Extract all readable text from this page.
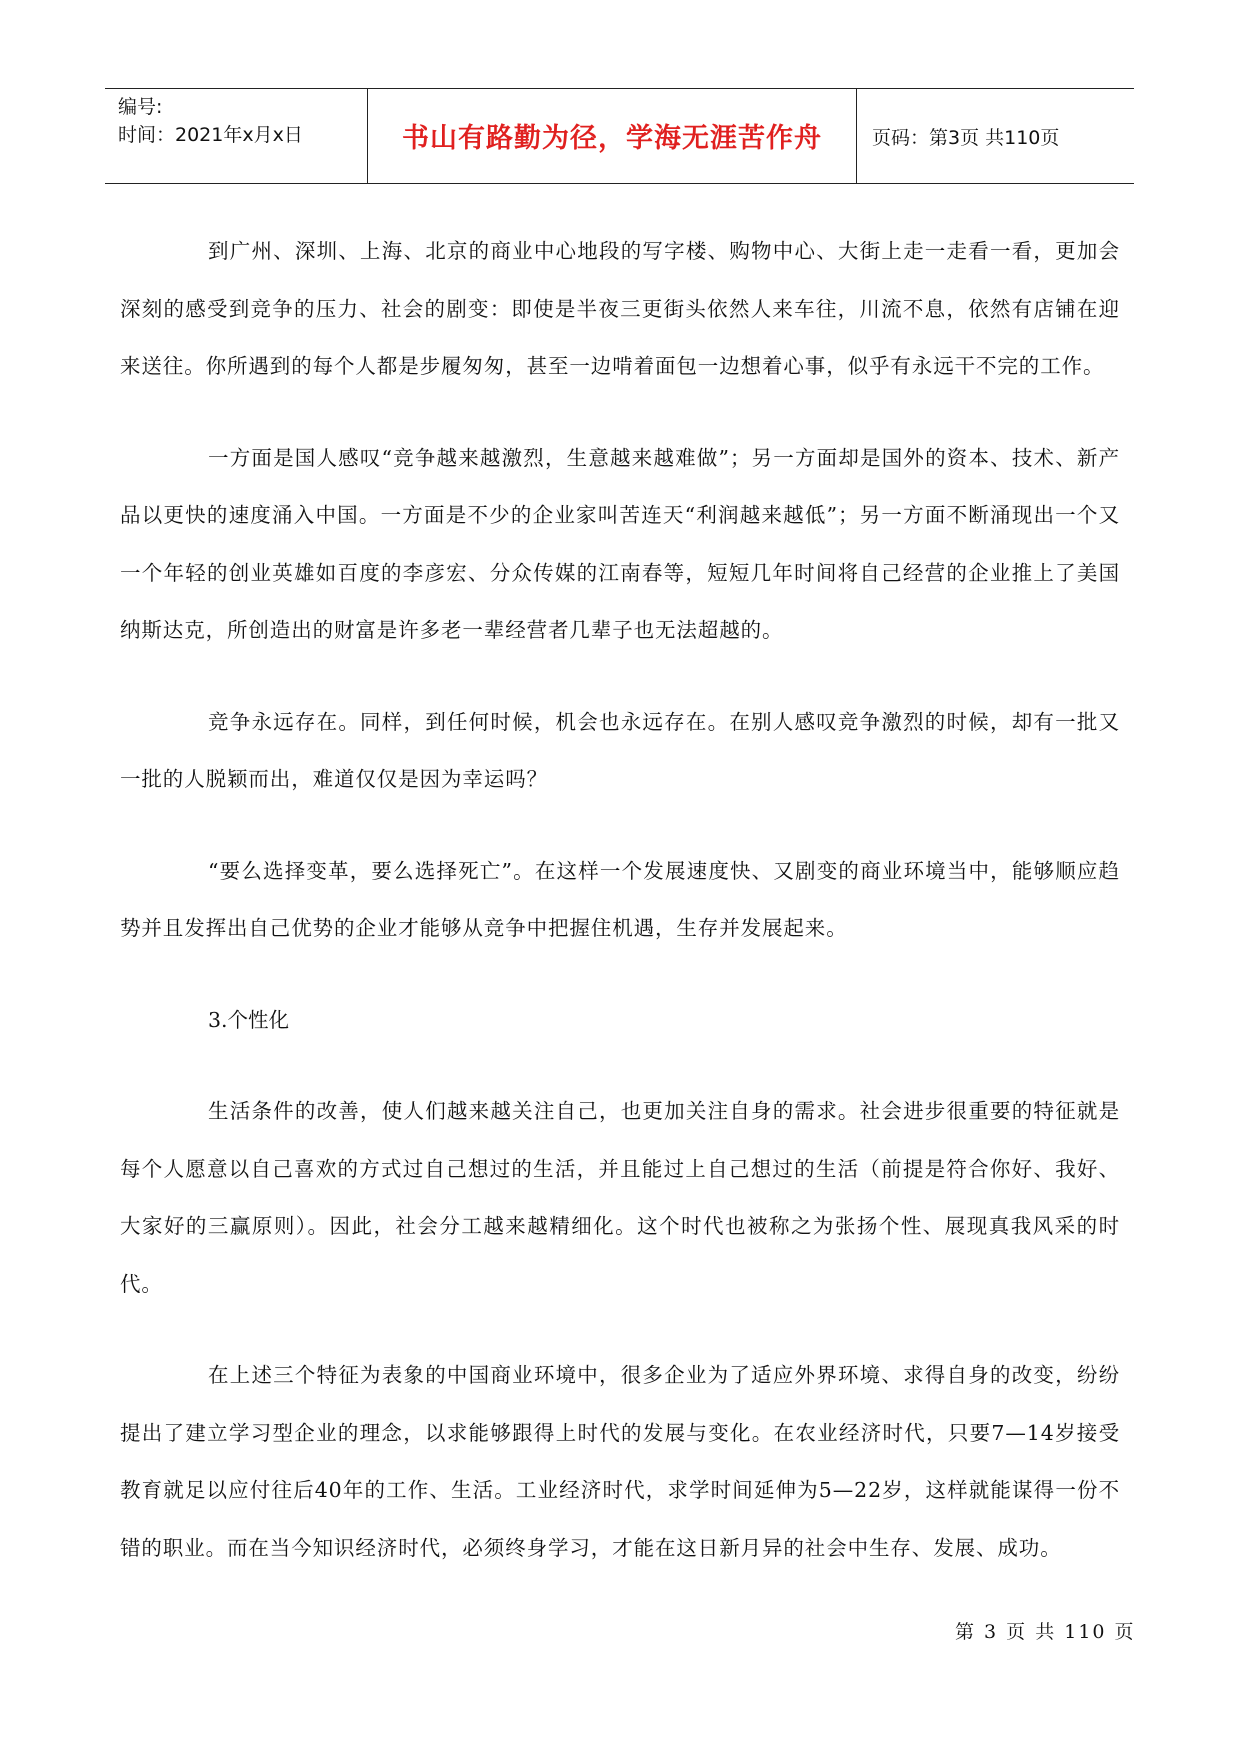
编号:
时间：2021年x月x日	书山有路勤为径，学海无涯苦作舟	页码：第3页 共110页

到广州、深圳、上海、北京的商业中心地段的写字楼、购物中心、大街上走一走看一看，更加会深刻的感受到竞争的压力、社会的剧变：即使是半夜三更街头依然人来车往，川流不息，依然有店铺在迎来送往。你所遇到的每个人都是步履匆匆，甚至一边啃着面包一边想着心事，似乎有永远干不完的工作。

一方面是国人感叹“竞争越来越激烈，生意越来越难做”；另一方面却是国外的资本、技术、新产品以更快的速度涌入中国。一方面是不少的企业家叫苦连天“利润越来越低”；另一方面不断涌现出一个又一个年轻的创业英雄如百度的李彦宏、分众传媒的江南春等，短短几年时间将自己经营的企业推上了美国纳斯达克，所创造出的财富是许多老一辈经营者几辈子也无法超越的。

竞争永远存在。同样，到任何时候，机会也永远存在。在别人感叹竞争激烈的时候，却有一批又一批的人脱颖而出，难道仅仅是因为幸运吗？

“要么选择变革，要么选择死亡”。在这样一个发展速度快、又剧变的商业环境当中，能够顺应趋势并且发挥出自己优势的企业才能够从竞争中把握住机遇，生存并发展起来。

3.个性化

生活条件的改善，使人们越来越关注自己，也更加关注自身的需求。社会进步很重要的特征就是每个人愿意以自己喜欢的方式过自己想过的生活，并且能过上自己想过的生活（前提是符合你好、我好、大家好的三赢原则）。因此，社会分工越来越精细化。这个时代也被称之为张扬个性、展现真我风采的时代。

在上述三个特征为表象的中国商业环境中，很多企业为了适应外界环境、求得自身的改变，纷纷提出了建立学习型企业的理念，以求能够跟得上时代的发展与变化。在农业经济时代，只要7—14岁接受教育就足以应付往后40年的工作、生活。工业经济时代，求学时间延伸为5—22岁，这样就能谋得一份不错的职业。而在当今知识经济时代，必须终身学习，才能在这日新月异的社会中生存、发展、成功。

第 3 页 共 110 页
